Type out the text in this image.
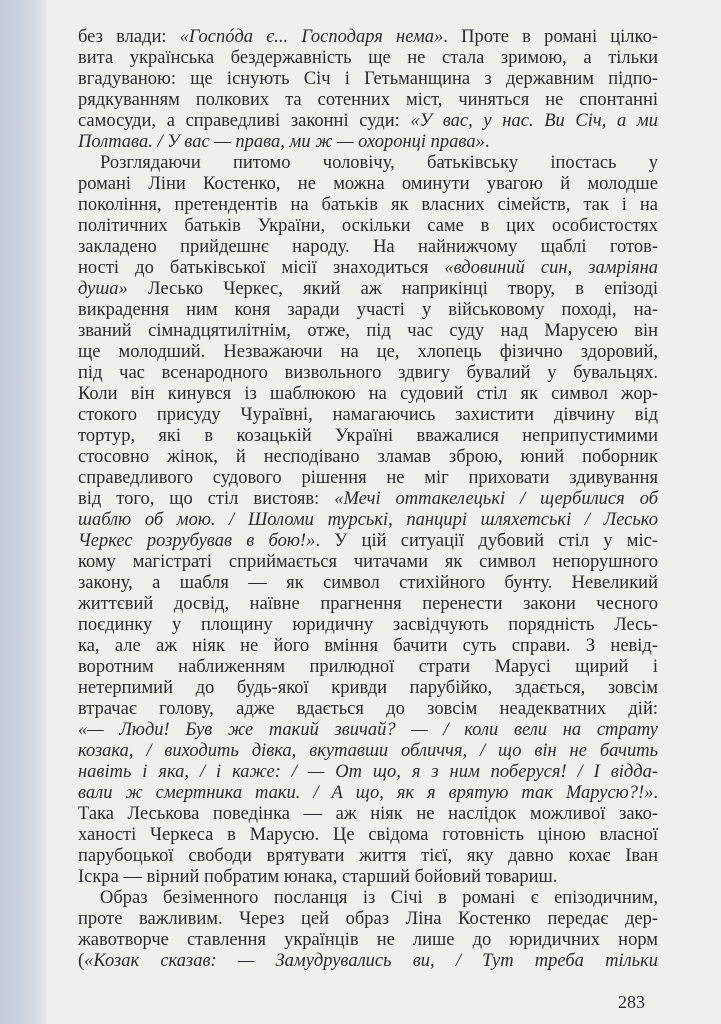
без влади: «Госпóда є... Господаря нема». Проте в романі цілко-
вита українська бездержавність ще не стала зримою, а тільки
вгадуваною: ще існують Січ і Гетьманщина з державним підпо-
рядкуванням полкових та сотенних міст, чиняться не спонтанні
самосуди, а справедливі законні суди: «У вас, у нас. Ви Січ, а ми
Полтава. / У вас — права, ми ж — охоронці права».
Розглядаючи питомо чоловічу, батьківську іпостась у
романі Ліни Костенко, не можна оминути увагою й молодше
покоління, претендентів на батьків як власних сімейств, так і на
політичних батьків України, оскільки саме в цих особистостях
закладено прийдешнє народу. На найнижчому щаблі готов-
ності до батьківської місії знаходиться «вдовиний син, замріяна
душа» Лесько Черкес, який аж наприкінці твору, в епізоді
викрадення ним коня заради участі у військовому поході, на-
званий сімнадцятилітнім, отже, під час суду над Марусею він
ще молодший. Незважаючи на це, хлопець фізично здоровий,
під час всенародного визвольного здвигу бувалий у бувальцях.
Коли він кинувся із шаблюкою на судовий стіл як символ жор-
стокого присуду Чураївні, намагаючись захистити дівчину від
тортур, які в козацькій Україні вважалися неприпустимими
стосовно жінок, й несподівано зламав зброю, юний поборник
справедливого судового рішення не міг приховати здивування
від того, що стіл вистояв: «Мечі оттакелецькі / щербилися об
шаблю об мою. / Шоломи турські, панцирі шляхетські / Лесько
Черкес розрубував в бою!». У цій ситуації дубовий стіл у міс-
кому магістраті сприймається читачами як символ непорушного
закону, а шабля — як символ стихійного бунту. Невеликий
життєвий досвід, наївне прагнення перенести закони чесного
поєдинку у площину юридичну засвідчують порядність Лесь-
ка, але аж ніяк не його вміння бачити суть справи. З невід-
воротним наближенням прилюдної страти Марусі щирий і
нетерпимий до будь-якої кривди парубійко, здається, зовсім
втрачає голову, адже вдається до зовсім неадекватних дій:
«— Люди! Був же такий звичай? — / коли вели на страту
козака, / виходить дівка, вкутавши обличчя, / що він не бачить
навіть і яка, / і каже: / — От що, я з ним поберуся! / І відда-
вали ж смертника таки. / А що, як я врятую так Марусю?!».
Така Леськова поведінка — аж ніяк не наслідок можливої зако-
ханості Черкеса в Марусю. Це свідома готовність ціною власної
парубоцької свободи врятувати життя тієї, яку давно кохає Іван
Іскра — вірний побратим юнака, старший бойовий товариш.
Образ безіменного посланця із Січі в романі є епізодичним,
проте важливим. Через цей образ Ліна Костенко передає дер-
жавотворче ставлення українців не лише до юридичних норм
(«Козак сказав: — Замудрувались ви, / Тут треба тільки
283
